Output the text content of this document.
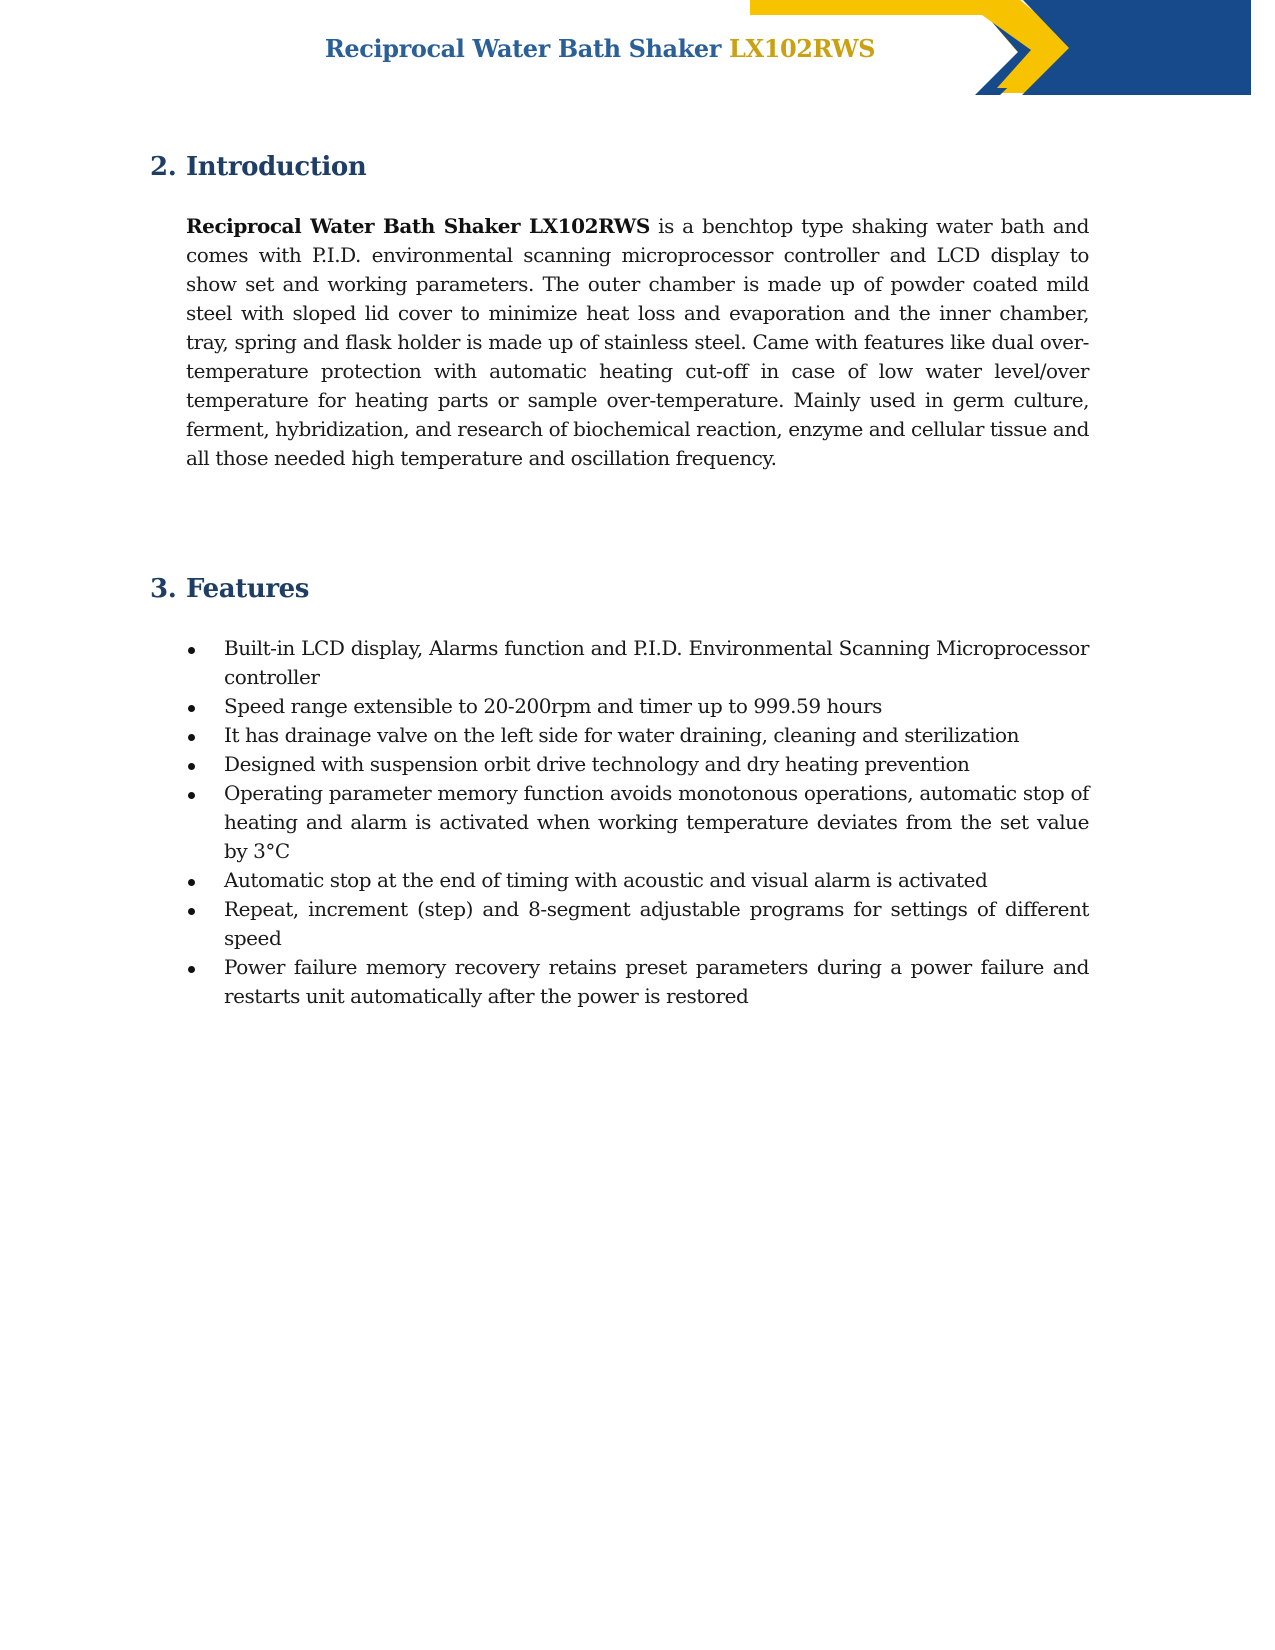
Reciprocal Water Bath Shaker LX102RWS
2. Introduction

Reciprocal Water Bath Shaker LX102RWS is a benchtop type shaking water bath and comes with P.I.D. environmental scanning microprocessor controller and LCD display to show set and working parameters. The outer chamber is made up of powder coated mild steel with sloped lid cover to minimize heat loss and evaporation and the inner chamber, tray, spring and flask holder is made up of stainless steel. Came with features like dual over-temperature protection with automatic heating cut-off in case of low water level/over temperature for heating parts or sample over-temperature. Mainly used in germ culture, ferment, hybridization, and research of biochemical reaction, enzyme and cellular tissue and all those needed high temperature and oscillation frequency.

3. Features
Built-in LCD display, Alarms function and P.I.D. Environmental Scanning Microprocessor controller
Speed range extensible to 20-200rpm and timer up to 999.59 hours
It has drainage valve on the left side for water draining, cleaning and sterilization
Designed with suspension orbit drive technology and dry heating prevention
Operating parameter memory function avoids monotonous operations, automatic stop of heating and alarm is activated when working temperature deviates from the set value by 3°C
Automatic stop at the end of timing with acoustic and visual alarm is activated
Repeat, increment (step) and 8-segment adjustable programs for settings of different speed
Power failure memory recovery retains preset parameters during a power failure and restarts unit automatically after the power is restored
